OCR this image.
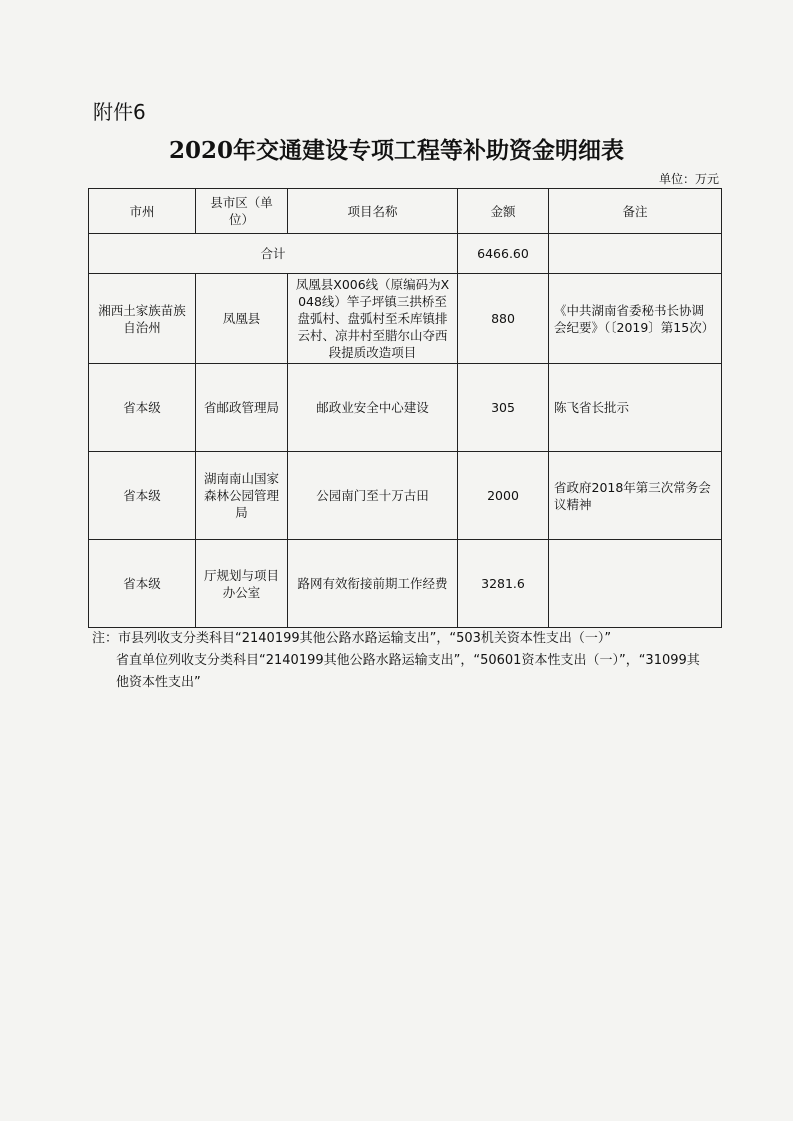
附件6
2020年交通建设专项工程等补助资金明细表
单位：万元
市州	县市区（单位）	项目名称	金额	备注
合计			6466.60	
湘西土家族苗族自治州	凤凰县	凤凰县X006线（原编码为X048线）竿子坪镇三拱桥至盘弧村、盘弧村至禾库镇排云村、凉井村至腊尔山夺西段提质改造项目	880	《中共湖南省委秘书长协调会纪要》（〔2019〕第15次）
省本级	省邮政管理局	邮政业安全中心建设	305	陈飞省长批示
省本级	湖南南山国家森林公园管理局	公园南门至十万古田	2000	省政府2018年第三次常务会议精神
省本级	厅规划与项目办公室	路网有效衔接前期工作经费	3281.6	
注：市县列收支分类科目“2140199其他公路水路运输支出”，“503机关资本性支出（一）”
省直单位列收支分类科目“2140199其他公路水路运输支出”，“50601资本性支出（一）”，“31099其他资本性支出”
